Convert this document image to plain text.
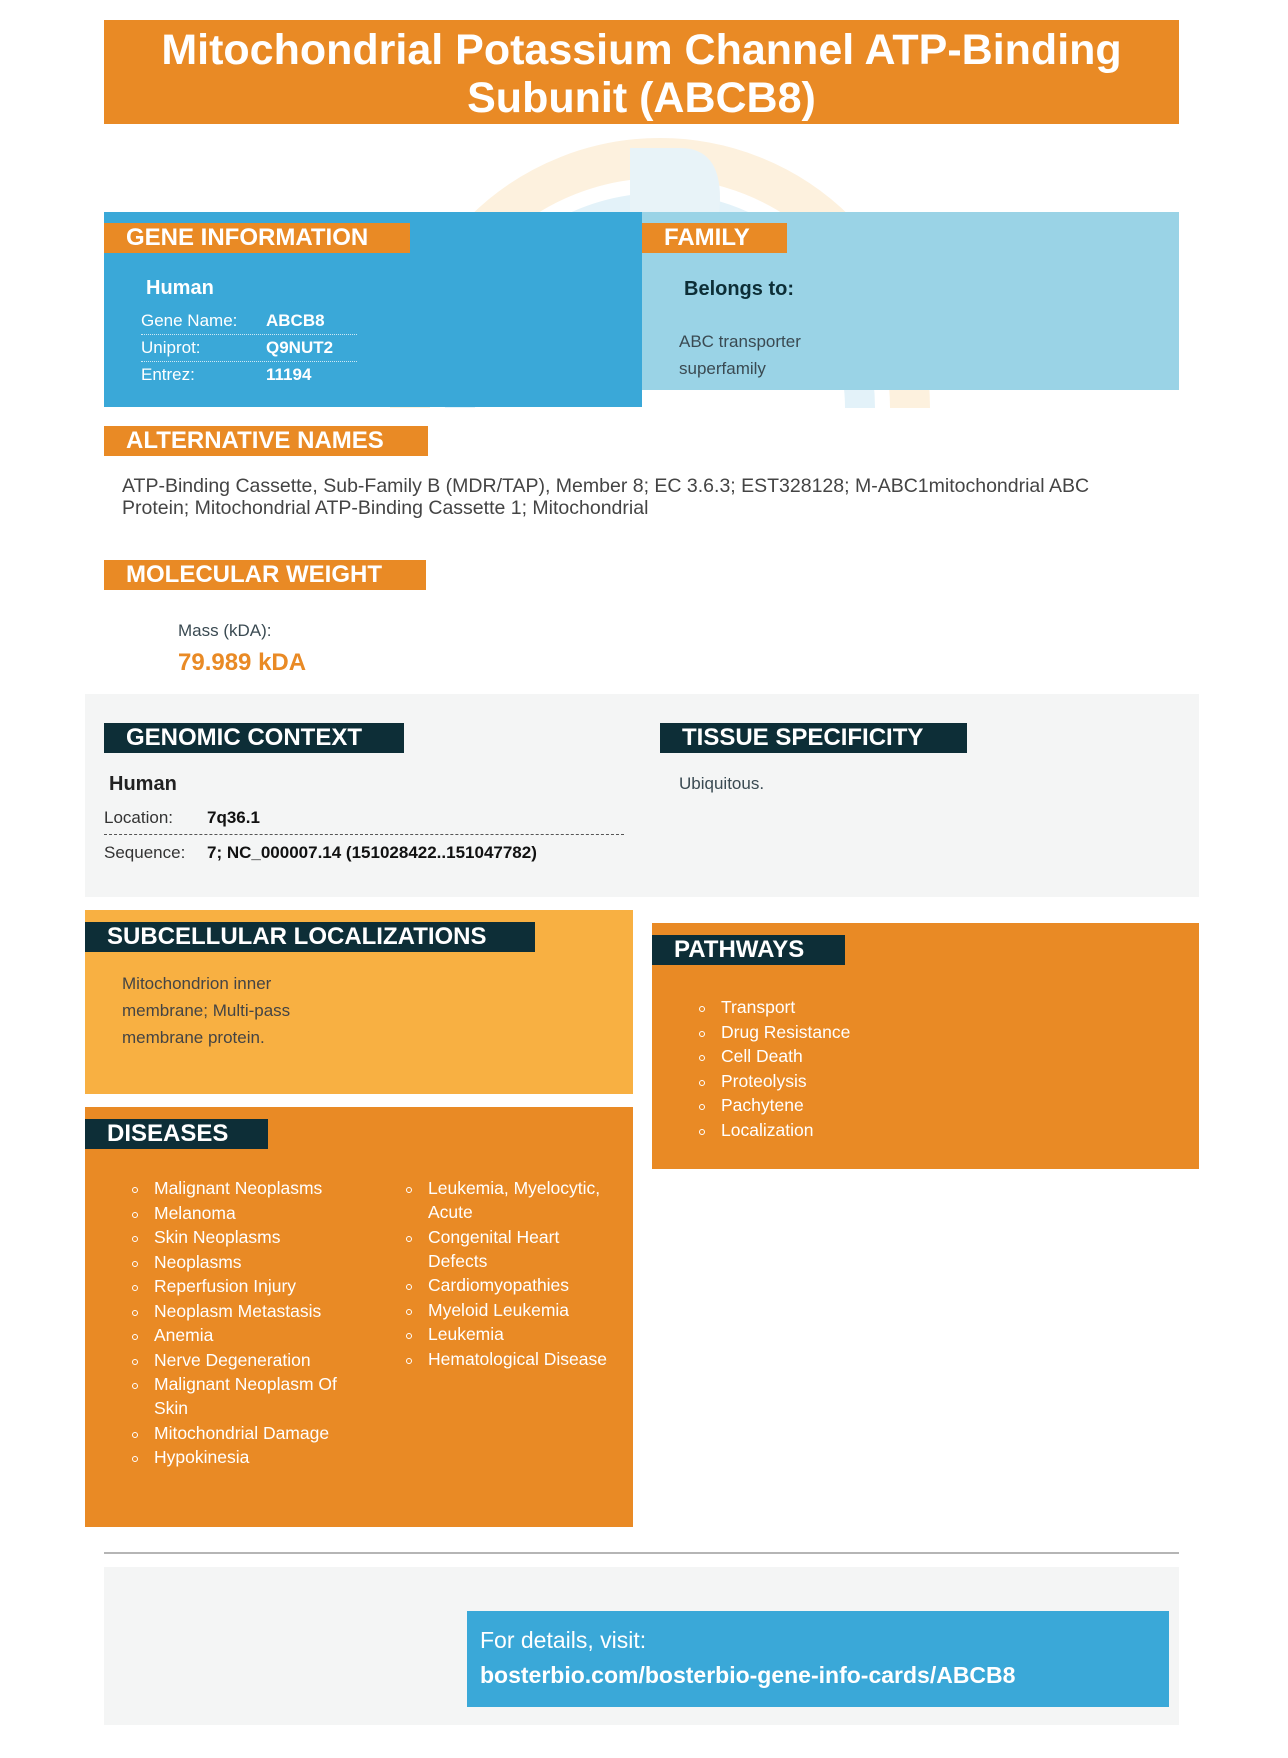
Mitochondrial Potassium Channel ATP-Binding
Subunit (ABCB8)
GENE INFORMATION
Human
Gene Name: ABCB8
Uniprot:	Q9NUT2
Entrez:	11194
FAMILY
Belongs to:
ABC transporter
superfamily
ALTERNATIVE NAMES
ATP-Binding Cassette, Sub-Family B (MDR/TAP), Member 8; EC 3.6.3; EST328128; M-ABC1mitochondrial ABC
Protein; Mitochondrial ATP-Binding Cassette 1; Mitochondrial
MOLECULAR WEIGHT
Mass (kDA):
79.989 kDA
GENOMIC CONTEXT
Human
Location: 7q36.1
Sequence: 7; NC_000007.14 (151028422..151047782)
TISSUE SPECIFICITY
Ubiquitous.
SUBCELLULAR LOCALIZATIONS
Mitochondrion inner
membrane; Multi-pass
membrane protein.
PATHWAYS
Transport
Drug Resistance
Cell Death
Proteolysis
Pachytene
Localization
DISEASES
Malignant Neoplasms
Melanoma
Skin Neoplasms
Neoplasms
Reperfusion Injury
Neoplasm Metastasis
Anemia
Nerve Degeneration
Malignant Neoplasm Of
Skin
Mitochondrial Damage
Hypokinesia
Leukemia, Myelocytic,
Acute
Congenital Heart
Defects
Cardiomyopathies
Myeloid Leukemia
Leukemia
Hematological Disease
For details, visit:
bosterbio.com/bosterbio-gene-info-cards/ABCB8
